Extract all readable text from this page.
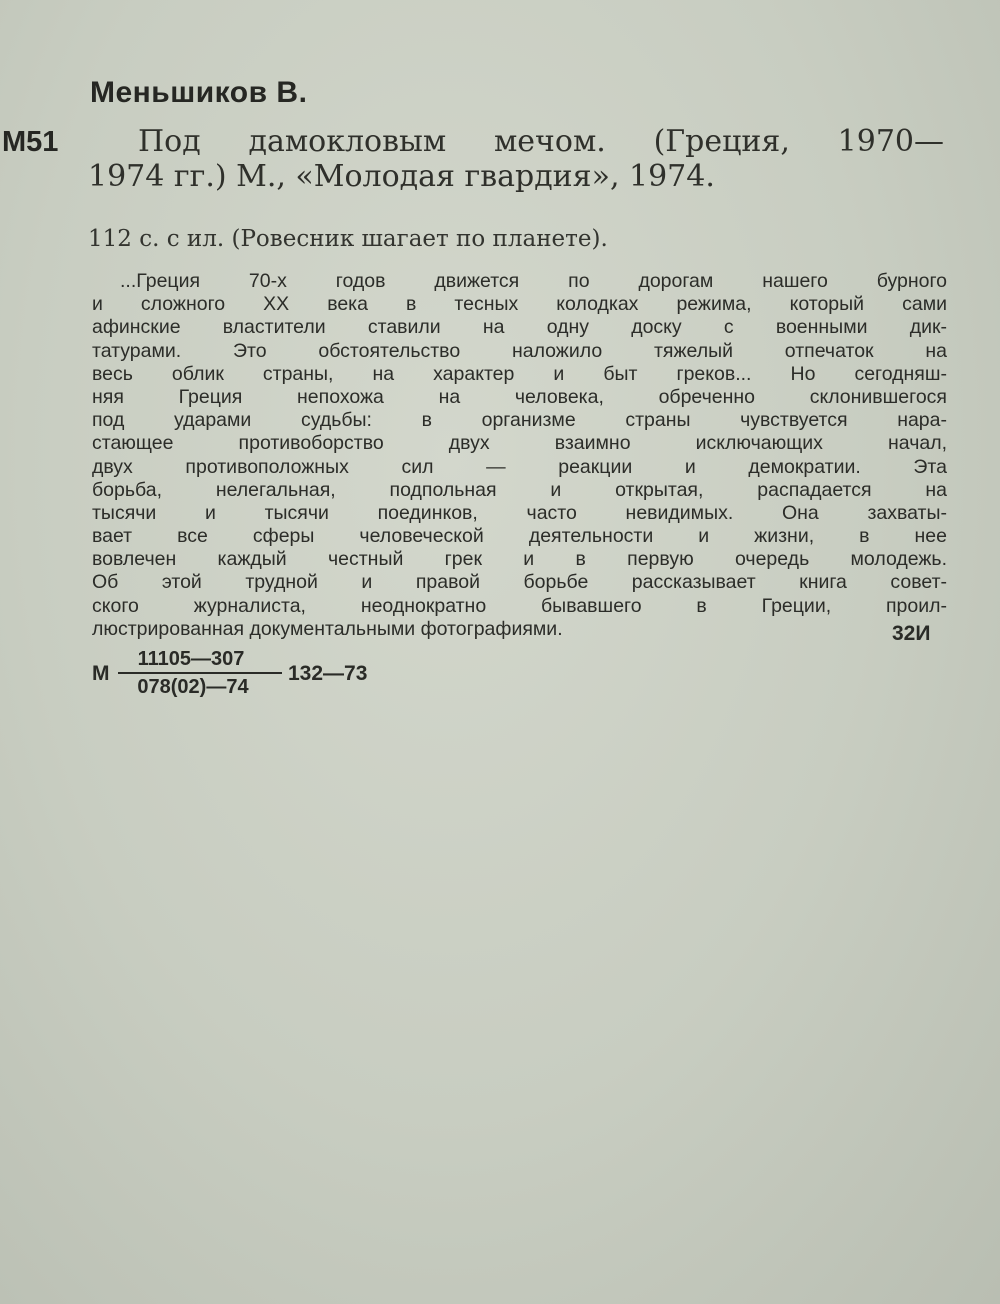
Меньшиков В.
М51	Под дамокловым мечом. (Греция, 1970—
1974 гг.) М., «Молодая гвардия», 1974.
112 с. с ил. (Ровесник шагает по планете).
...Греция 70-х годов движется по дорогам нашего бурного
и сложного XX века в тесных колодках режима, который сами
афинские властители ставили на одну доску с военными дик-
татурами. Это обстоятельство наложило тяжелый отпечаток на
весь облик страны, на характер и быт греков... Но сегодняш-
няя Греция непохожа на человека, обреченно склонившегося
под ударами судьбы: в организме страны чувствуется нара-
стающее противоборство двух взаимно исключающих начал,
двух противоположных сил — реакции и демократии. Эта
борьба, нелегальная, подпольная и открытая, распадается на
тысячи и тысячи поединков, часто невидимых. Она захваты-
вает все сферы человеческой деятельности и жизни, в нее
вовлечен каждый честный грек и в первую очередь молодежь.
Об этой трудной и правой борьбе рассказывает книга совет-
ского журналиста, неоднократно бывавшего в Греции, проил-
люстрированная документальными фотографиями.	32И
М $\frac{11105—307}{078(02)—74}$ 132—73
